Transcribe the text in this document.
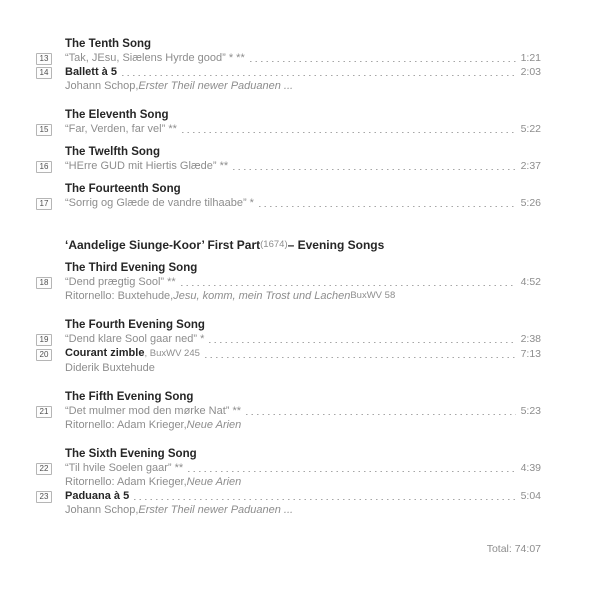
The Tenth Song
13	“Tak, JEsu, Siælens Hyrde good” * **	1:21
14	Ballett à 5	2:03
Johann Schop, Erster Theil newer Paduanen ...
The Eleventh Song
15	“Far, Verden, far vel” **	5:22
The Twelfth Song
16	“HErre GUD mit Hiertis Glæde” **	2:37
The Fourteenth Song
17	“Sorrig og Glæde de vandre tilhaabe” *	5:26
‘Aandelige Siunge-Koor’ First Part (1674) – Evening Songs
The Third Evening Song
18	“Dend prægtig Sool” **	4:52
Ritornello: Buxtehude, Jesu, komm, mein Trost und Lachen BuxWV 58
The Fourth Evening Song
19	“Dend klare Sool gaar ned” *	2:38
20	Courant zimble, BuxWV 245	7:13
Diderik Buxtehude
The Fifth Evening Song
21	“Det mulmer mod den mørke Nat” **	5:23
Ritornello: Adam Krieger, Neue Arien
The Sixth Evening Song
22	“Til hvile Soelen gaar” **	4:39
Ritornello: Adam Krieger, Neue Arien
23	Paduana à 5	5:04
Johann Schop, Erster Theil newer Paduanen ...
Total: 74:07
